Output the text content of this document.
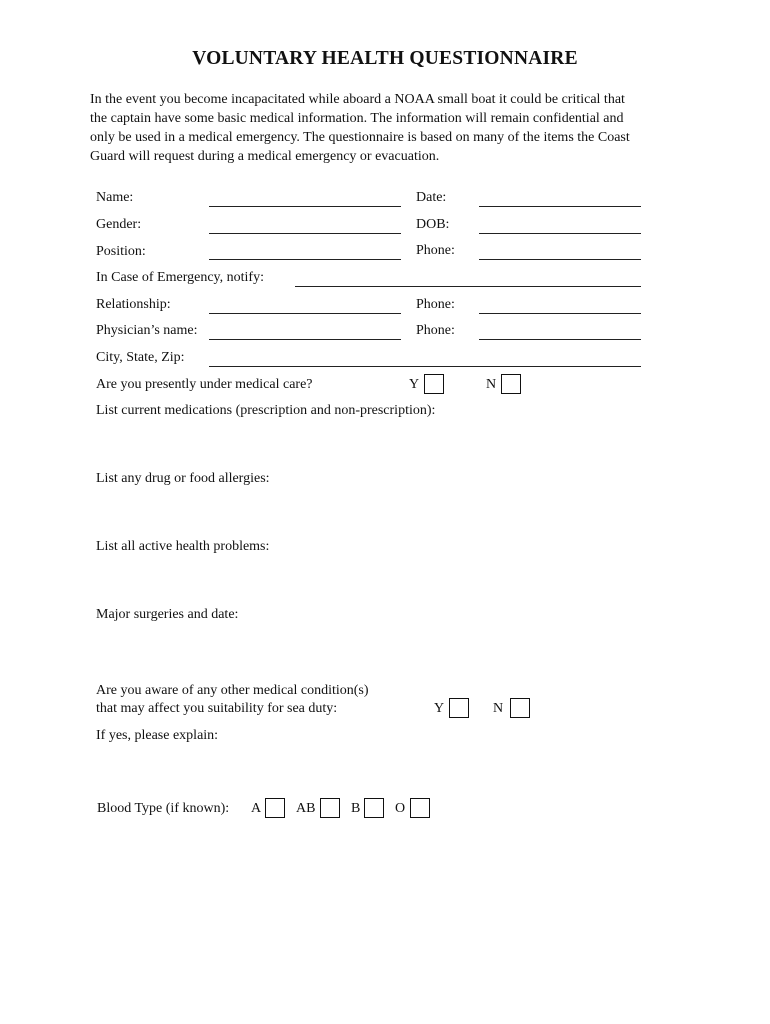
VOLUNTARY HEALTH QUESTIONNAIRE
In the event you become incapacitated while aboard a NOAA small boat it could be critical that
the captain have some basic medical information. The information will remain confidential and
only be used in a medical emergency. The questionnaire is based on many of the items the Coast
Guard will request during a medical emergency or evacuation.
Name:	Date:
Gender:	DOB:
Position:	Phone:
In Case of Emergency, notify:
Relationship:	Phone:
Physician’s name:	Phone:
City, State, Zip:
Are you presently under medical care?	Y	N
List current medications (prescription and non-prescription):
List any drug or food allergies:
List all active health problems:
Major surgeries and date:
Are you aware of any other medical condition(s)
that may affect you suitability for sea duty:	Y	N
If yes, please explain:
Blood Type (if known): A AB	B O
